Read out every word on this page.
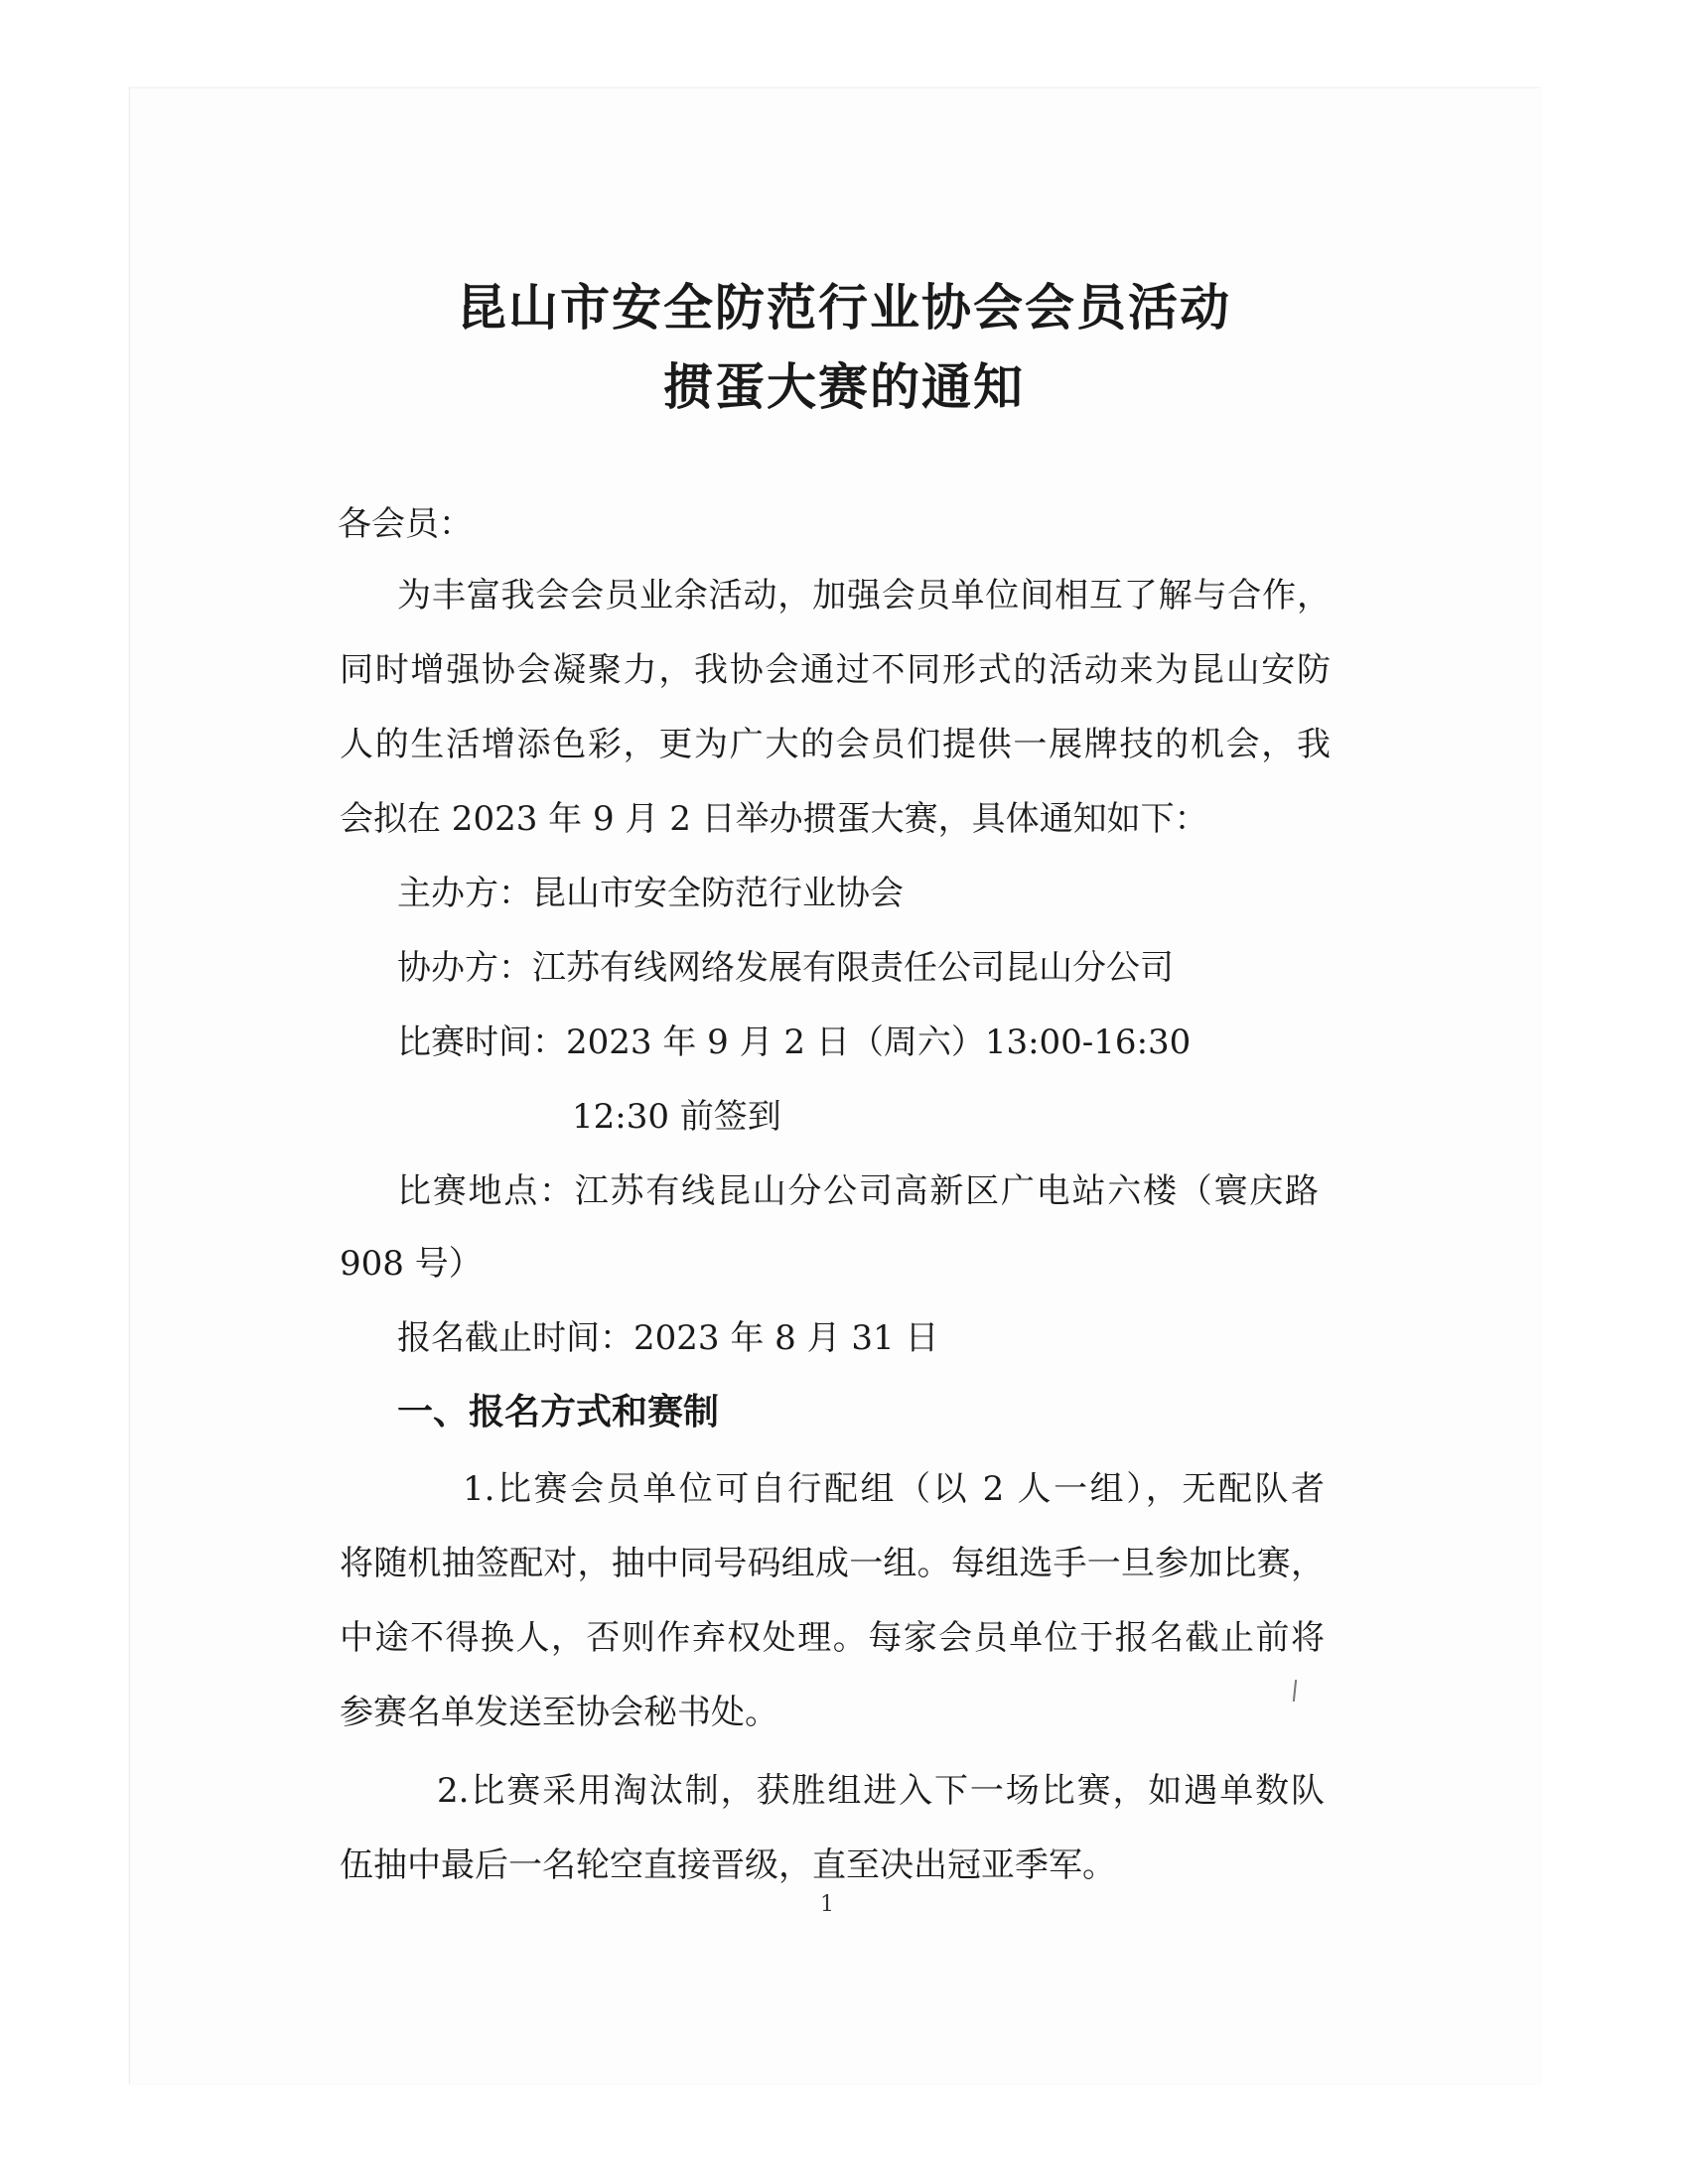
昆山市安全防范行业协会会员活动
掼蛋大赛的通知
各会员：
为丰富我会会员业余活动，加强会员单位间相互了解与合作，
同时增强协会凝聚力，我协会通过不同形式的活动来为昆山安防
人的生活增添色彩，更为广大的会员们提供一展牌技的机会，我
会拟在 2023 年 9 月 2 日举办掼蛋大赛，具体通知如下：
主办方：昆山市安全防范行业协会
协办方：江苏有线网络发展有限责任公司昆山分公司
比赛时间：2023 年 9 月 2 日（周六）13:00-16:30
12:30 前签到
比赛地点：江苏有线昆山分公司高新区广电站六楼（寰庆路
908 号）
报名截止时间：2023 年 8 月 31 日
一、报名方式和赛制
1.比赛会员单位可自行配组（以 2 人一组），无配队者
将随机抽签配对，抽中同号码组成一组。每组选手一旦参加比赛，
中途不得换人，否则作弃权处理。每家会员单位于报名截止前将
参赛名单发送至协会秘书处。
2.比赛采用淘汰制，获胜组进入下一场比赛，如遇单数队
伍抽中最后一名轮空直接晋级，直至决出冠亚季军。
1
